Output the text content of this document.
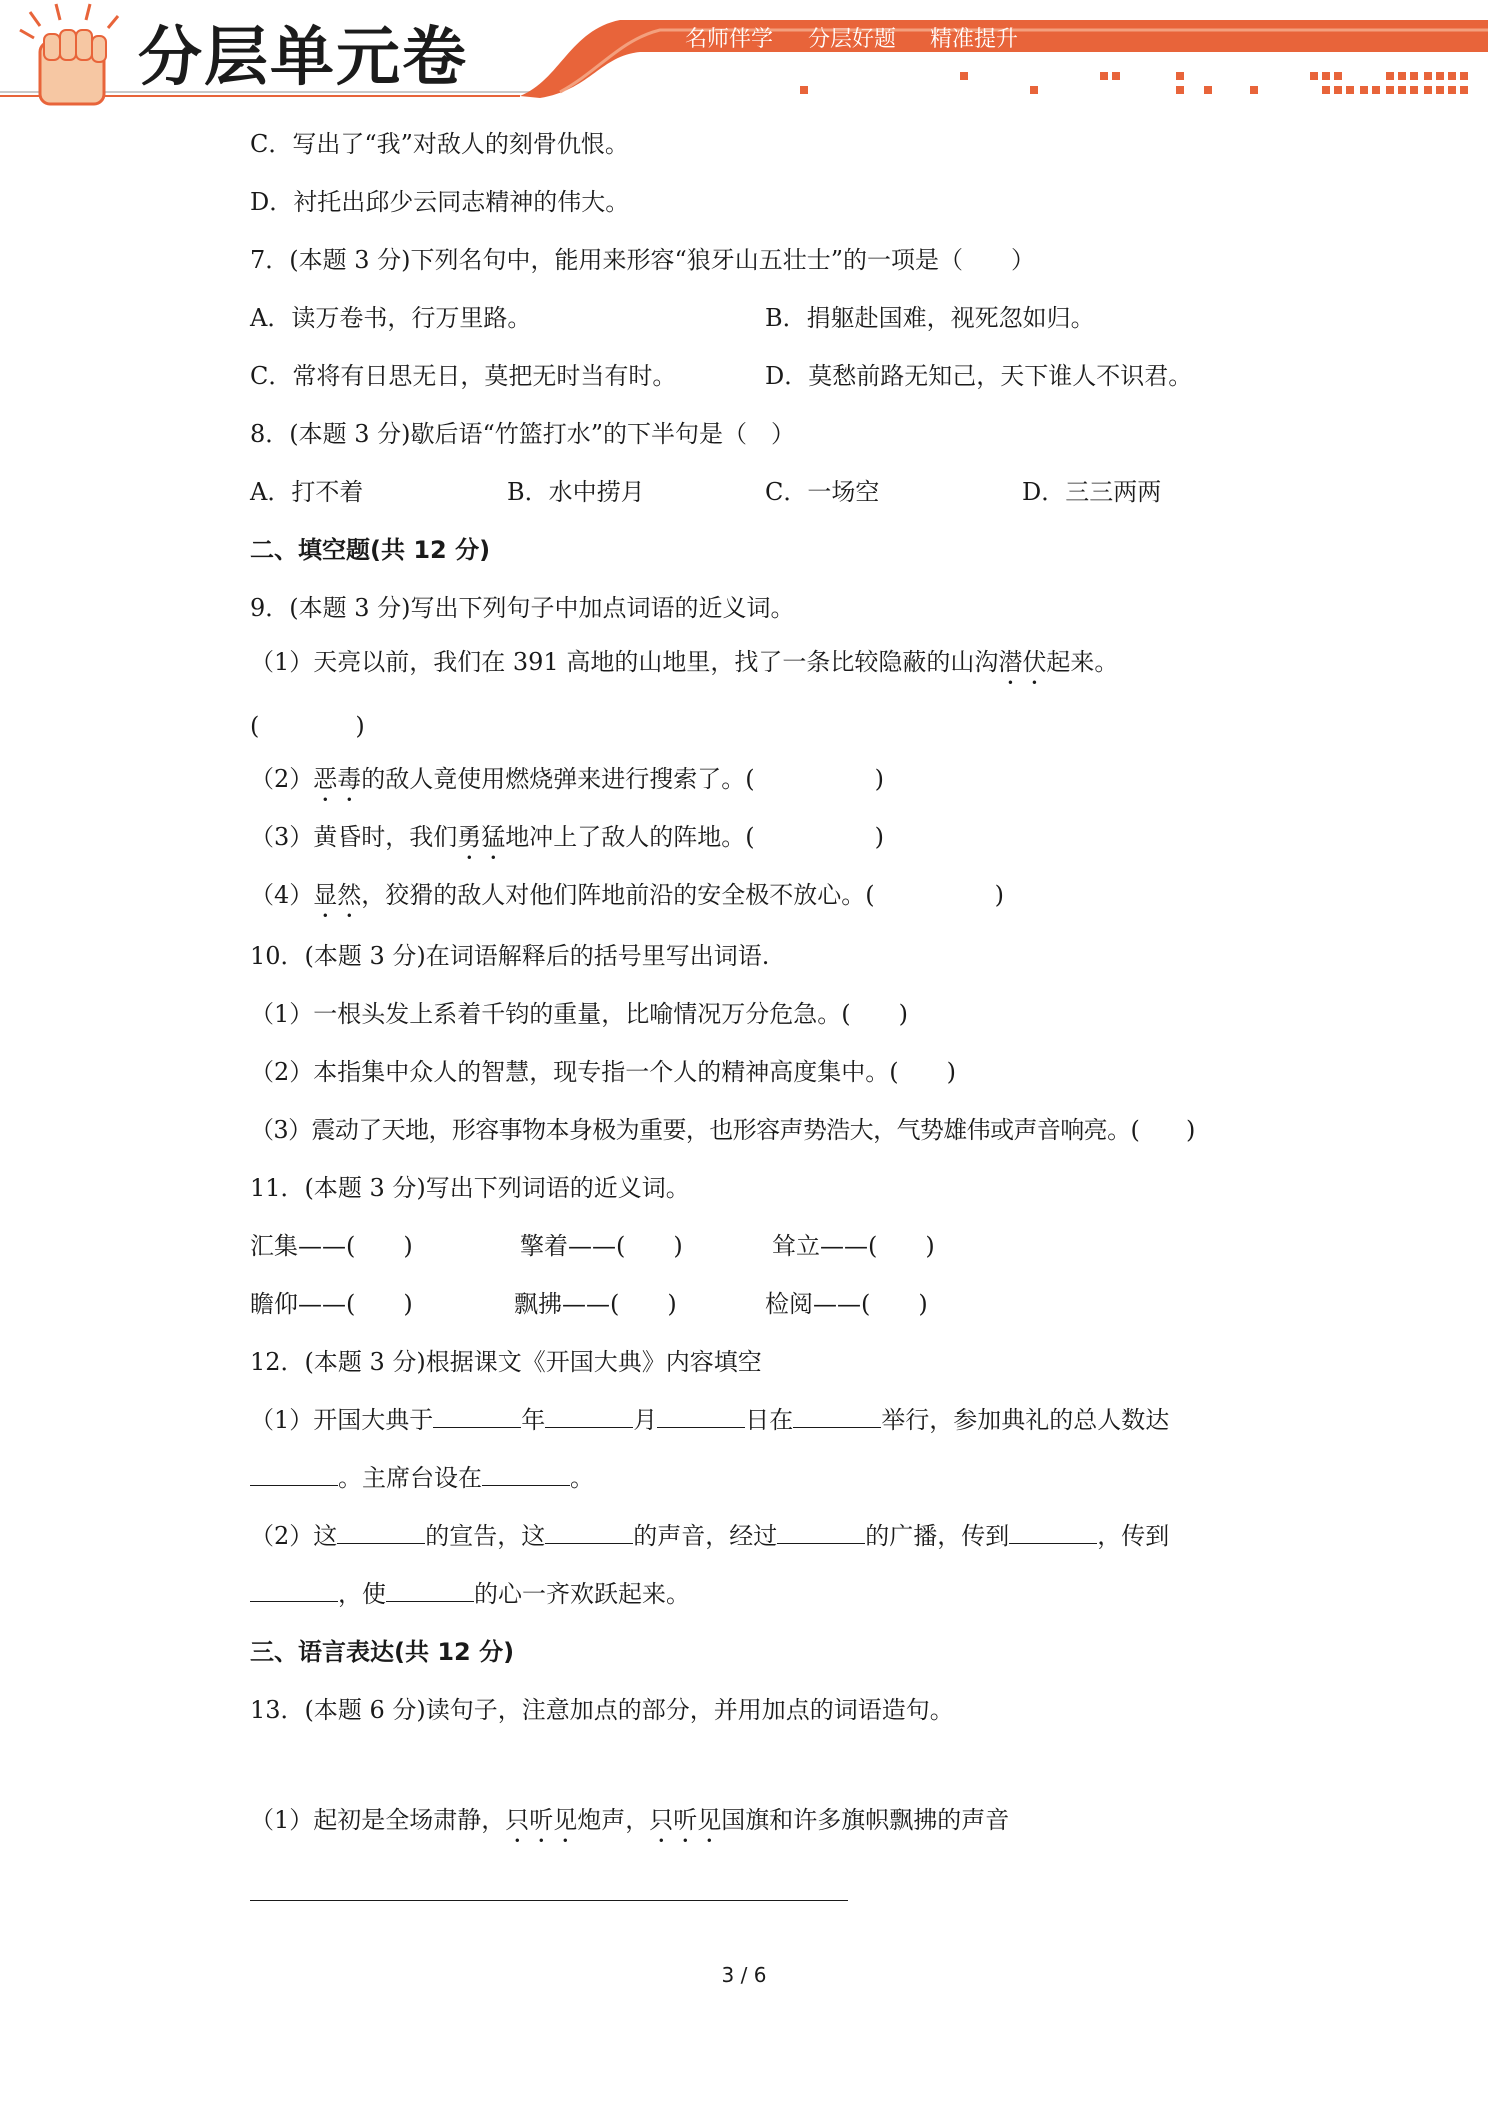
分层单元卷	名师伴学 分层好题 精准提升
C．写出了“我”对敌人的刻骨仇恨。
D．衬托出邱少云同志精神的伟大。
7．(本题 3 分)下列名句中，能用来形容“狼牙山五壮士”的一项是（　　）
A．读万卷书，行万里路。	B．捐躯赴国难，视死忽如归。
C．常将有日思无日，莫把无时当有时。	D．莫愁前路无知己，天下谁人不识君。
8．(本题 3 分)歇后语“竹篮打水”的下半句是（　）
A．打不着	B．水中捞月	C．一场空	D．三三两两
二、填空题(共 12 分)
9．(本题 3 分)写出下列句子中加点词语的近义词。
（1）天亮以前，我们在 391 高地的山地里，找了一条比较隐蔽的山沟潜伏起来。
(　　　　)
（2）恶毒的敌人竟使用燃烧弹来进行搜索了。(　　　　　)
（3）黄昏时，我们勇猛地冲上了敌人的阵地。(　　　　　)
（4）显然，狡猾的敌人对他们阵地前沿的安全极不放心。(　　　　　)
10．(本题 3 分)在词语解释后的括号里写出词语.
（1）一根头发上系着千钧的重量，比喻情况万分危急。(　　)
（2）本指集中众人的智慧，现专指一个人的精神高度集中。(　　)
（3）震动了天地，形容事物本身极为重要，也形容声势浩大，气势雄伟或声音响亮。(　　)
11．(本题 3 分)写出下列词语的近义词。
汇集——(　　)	擎着——(　　)	耸立——(　　)
瞻仰——(　　)	飘拂——(　　)	检阅——(　　)
12．(本题 3 分)根据课文《开国大典》内容填空
（1）开国大典于	年	月	日在	举行，参加典礼的总人数达
。主席台设在	。
（2）这	的宣告，这	的声音，经过	的广播，传到	，传到
，使	的心一齐欢跃起来。
三、语言表达(共 12 分)
13．(本题 6 分)读句子，注意加点的部分，并用加点的词语造句。
（1）起初是全场肃静，只听见炮声，只听见国旗和许多旗帜飘拂的声音
3 / 6
